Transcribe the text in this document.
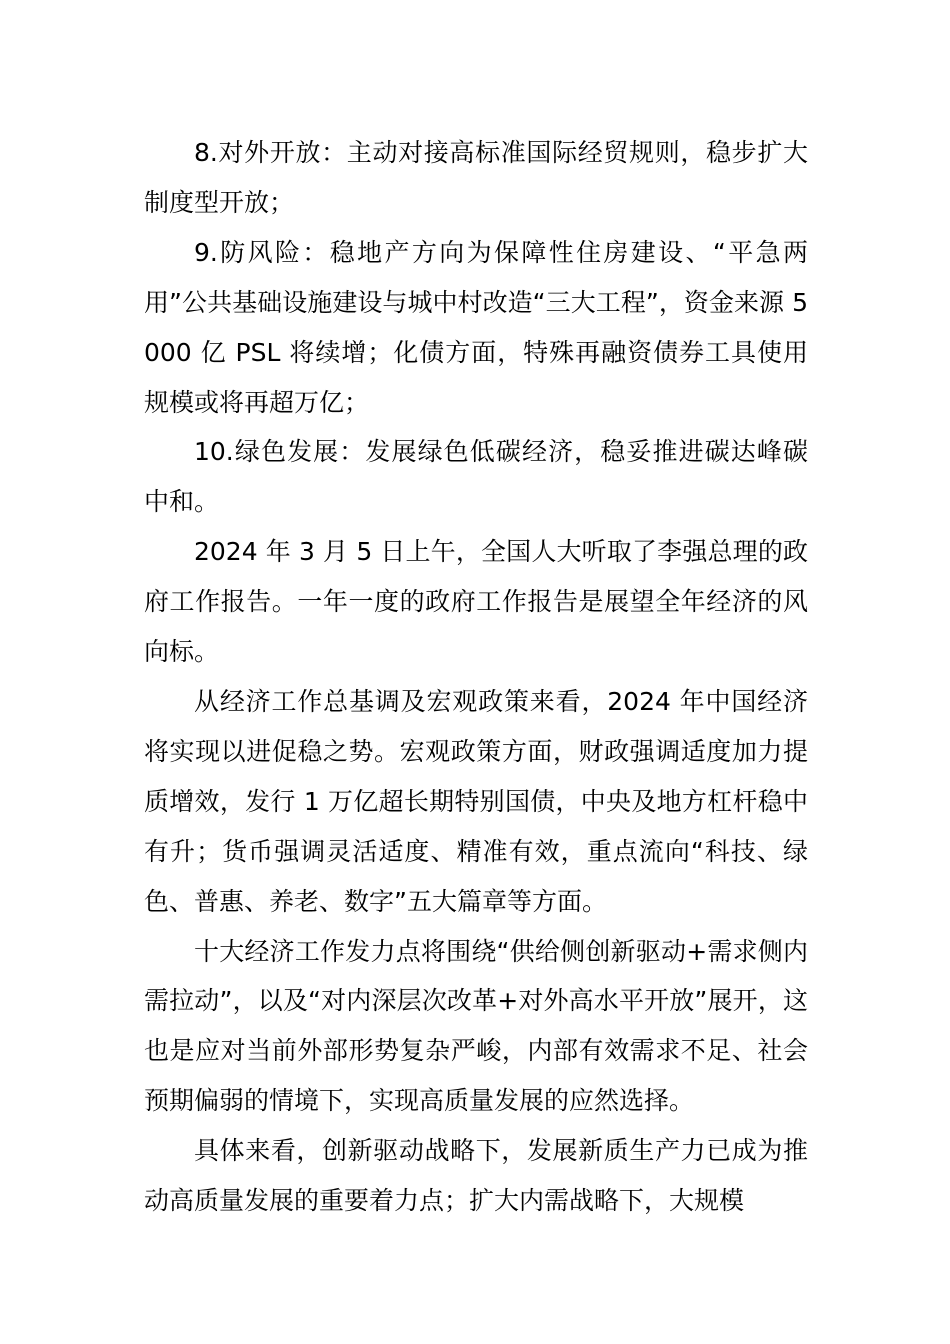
8.对外开放：主动对接高标准国际经贸规则，稳步扩大制度型开放；

9.防风险：稳地产方向为保障性住房建设、“平急两用”公共基础设施建设与城中村改造“三大工程”，资金来源 5000 亿 PSL 将续增；化债方面，特殊再融资债券工具使用规模或将再超万亿；

10.绿色发展：发展绿色低碳经济，稳妥推进碳达峰碳中和。

2024 年 3 月 5 日上午，全国人大听取了李强总理的政府工作报告。一年一度的政府工作报告是展望全年经济的风向标。

从经济工作总基调及宏观政策来看，2024 年中国经济将实现以进促稳之势。宏观政策方面，财政强调适度加力提质增效，发行 1 万亿超长期特别国债，中央及地方杠杆稳中有升；货币强调灵活适度、精准有效，重点流向“科技、绿色、普惠、养老、数字”五大篇章等方面。

十大经济工作发力点将围绕“供给侧创新驱动+需求侧内需拉动”，以及“对内深层次改革+对外高水平开放”展开，这也是应对当前外部形势复杂严峻，内部有效需求不足、社会预期偏弱的情境下，实现高质量发展的应然选择。

具体来看，创新驱动战略下，发展新质生产力已成为推动高质量发展的重要着力点；扩大内需战略下，大规模
